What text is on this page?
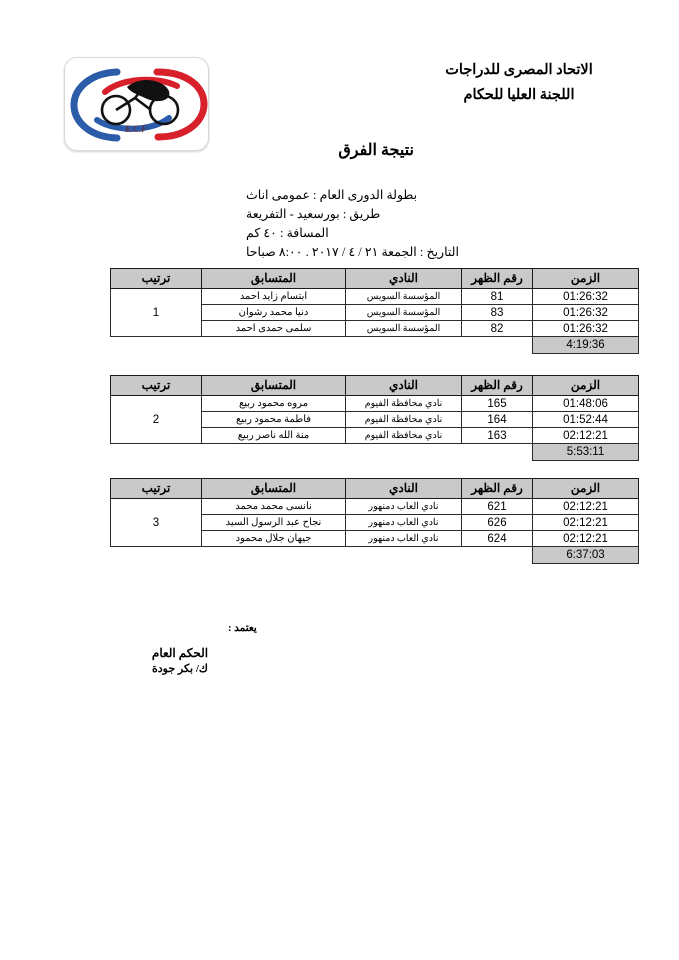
E.C.F
الاتحاد المصرى للدراجات
اللجنة العليا للحكام
نتيجة الفرق
بطولة الدورى العام : عمومى اناث
طريق : بورسعيد - التفريعة
المسافة : ٤٠ كم
التاريخ : الجمعة ٢١ / ٤ / ٢٠١٧ . ٨:٠٠ صباحا
الزمن	رقم الظهر	النادي	المتسابق	ترتيب
01:26:32	81	المؤسسة السويس	ابتسام زايد احمد	1
01:26:32	83	المؤسسة السويس	دنيا محمد رشوان	
01:26:32	82	المؤسسة السويس	سلمى حمدى احمد	
4:19:36				
الزمن	رقم الظهر	النادي	المتسابق	ترتيب
01:48:06	165	نادي محافظة الفيوم	مروه محمود ربيع	2
01:52:44	164	نادي محافظة الفيوم	فاطمة محمود ربيع	
02:12:21	163	نادي محافظة الفيوم	منة الله ناصر ربيع	
5:53:11				
الزمن	رقم الظهر	النادي	المتسابق	ترتيب
02:12:21	621	نادي العاب دمنهور	نانسى محمد محمد	3
02:12:21	626	نادي العاب دمنهور	نجاح عبد الرسول السيد	
02:12:21	624	نادي العاب دمنهور	جيهان جلال محمود	
6:37:03				
يعتمد :
الحكم العام
ك/ بكر جودة
